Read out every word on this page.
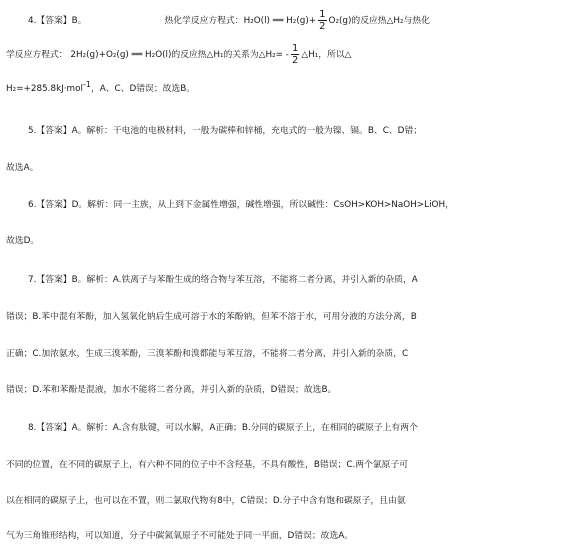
4.【答案】B。	热化学反应方程式：H₂O(l) ══ $H_2(g)+ \frac{1}{2} O_2(g)$的反应热△H₂与热化
学反应方程式： 2H₂(g)+O₂(g) ══ H₂O(l)的反应热△H₁的关系为△H₂= - $\frac{1}{2}$ △H₁，所以△
H₂=+285.8kJ·mol$^{-1}$，A、C、D错误；故选B。
5.【答案】A。解析：干电池的电极材料，一般为碳棒和锌桶，充电式的一般为镍、镉。B、C、D错；
故选A。
6.【答案】D。解析：同一主族，从上到下金属性增强，碱性增强，所以碱性：CsOH>KOH>NaOH>LiOH，
故选D。
7.【答案】B。解析：A.铁离子与苯酚生成的络合物与苯互溶，不能将二者分离，并引入新的杂质，A
错误；B.苯中混有苯酚，加入氢氧化钠后生成可溶于水的苯酚钠，但苯不溶于水，可用分液的方法分离，B
正确；C.加浓氨水，生成三溴苯酚，三溴苯酚和溴都能与苯互溶，不能将二者分离，并引入新的杂质，C
错误；D.苯和苯酚是混液，加水不能将二者分离，并引入新的杂质，D错误；故选B。
8.【答案】A。解析：A.含有肽键，可以水解，A正确；B.分同的碳原子上，在相同的碳原子上有两个
不同的位置，在不同的碳原子上，有六种不同的位子中不含羟基，不具有酸性，B错误；C.两个氯原子可
以在相同的碳原子上，也可以在不置，则二氯取代物有8中，C错误；D.分子中含有饱和碳原子，且由氨
气为三角锥形结构，可以知道，分子中碳氮氧原子不可能处于同一平面，D错误；故选A。
